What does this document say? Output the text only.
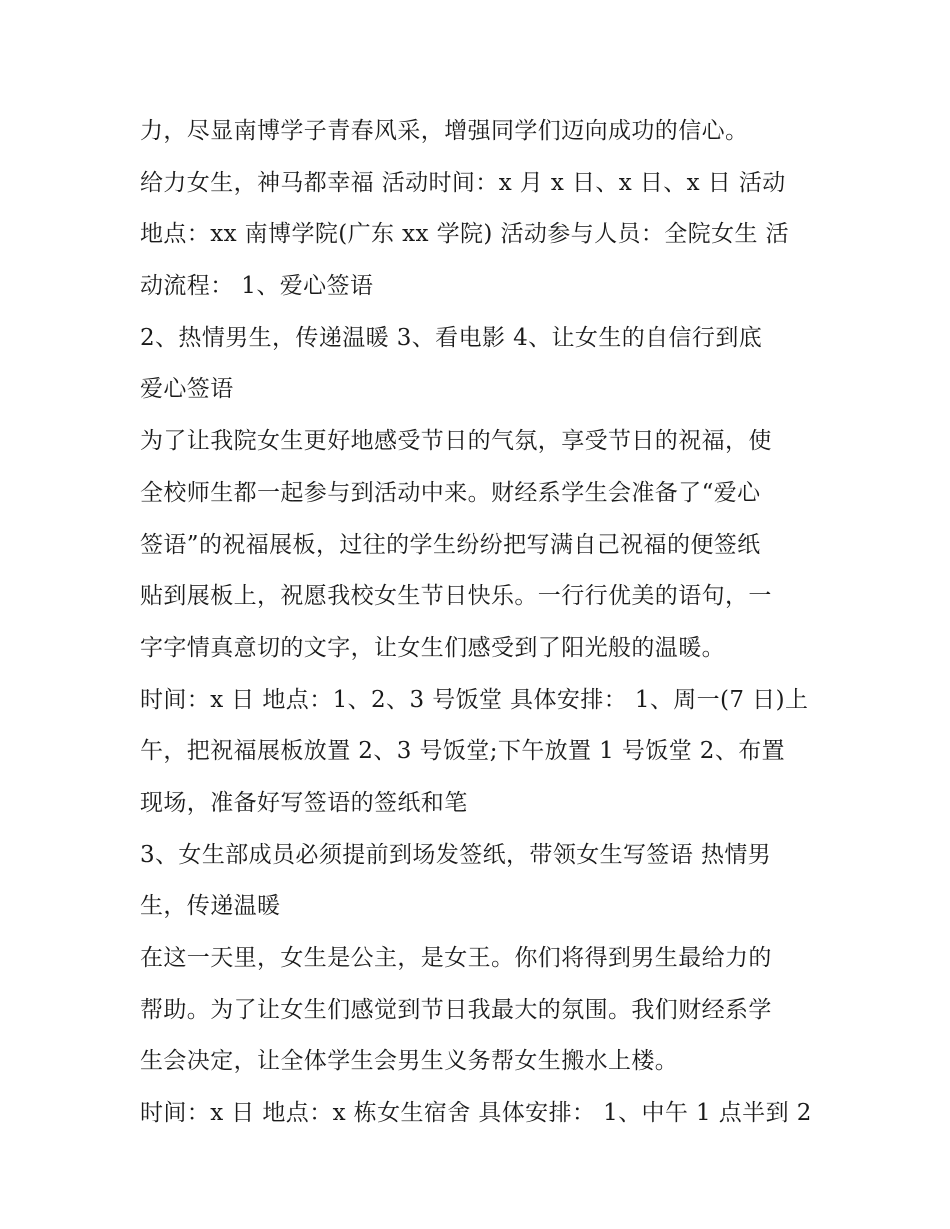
力，尽显南博学子青春风采，增强同学们迈向成功的信心。
给力女生，神马都幸福 活动时间：x 月 x 日、x 日、x 日 活动
地点：xx 南博学院(广东 xx 学院) 活动参与人员：全院女生 活
动流程： 1、爱心签语
2、热情男生，传递温暖 3、看电影 4、让女生的自信行到底
爱心签语
为了让我院女生更好地感受节日的气氛，享受节日的祝福，使
全校师生都一起参与到活动中来。财经系学生会准备了“爱心
签语”的祝福展板，过往的学生纷纷把写满自己祝福的便签纸
贴到展板上，祝愿我校女生节日快乐。一行行优美的语句，一
字字情真意切的文字，让女生们感受到了阳光般的温暖。
时间：x 日 地点：1、2、3 号饭堂 具体安排： 1、周一(7 日)上
午，把祝福展板放置 2、3 号饭堂;下午放置 1 号饭堂 2、布置
现场，准备好写签语的签纸和笔
3、女生部成员必须提前到场发签纸，带领女生写签语 热情男
生，传递温暖
在这一天里，女生是公主，是女王。你们将得到男生最给力的
帮助。为了让女生们感觉到节日我最大的氛围。我们财经系学
生会决定，让全体学生会男生义务帮女生搬水上楼。
时间：x 日 地点：x 栋女生宿舍 具体安排： 1、中午 1 点半到 2
